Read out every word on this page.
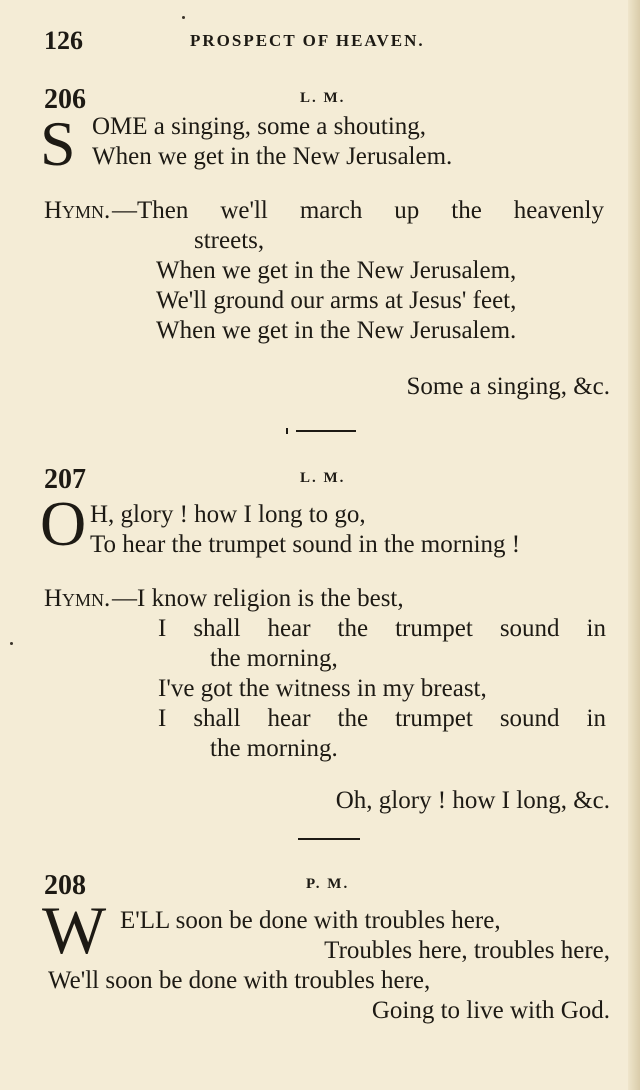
126	PROSPECT OF HEAVEN.
206	L. M.
S OME a singing, some a shouting,
When we get in the New Jerusalem.
Hymn. —Then we'll march up the heavenly
streets,
When we get in the New Jerusalem,
We'll ground our arms at Jesus' feet,
When we get in the New Jerusalem.
Some a singing, &c.
207	L. M.
O H, glory ! how I long to go,
To hear the trumpet sound in the morning !
Hymn. —I know religion is the best,
I shall hear the trumpet sound in
the morning,
I've got the witness in my breast,
I shall hear the trumpet sound in
the morning.
Oh, glory ! how I long, &c.
208	P. M.
W E'LL soon be done with troubles here,
Troubles here, troubles here,
We'll soon be done with troubles here,
Going to live with God.
